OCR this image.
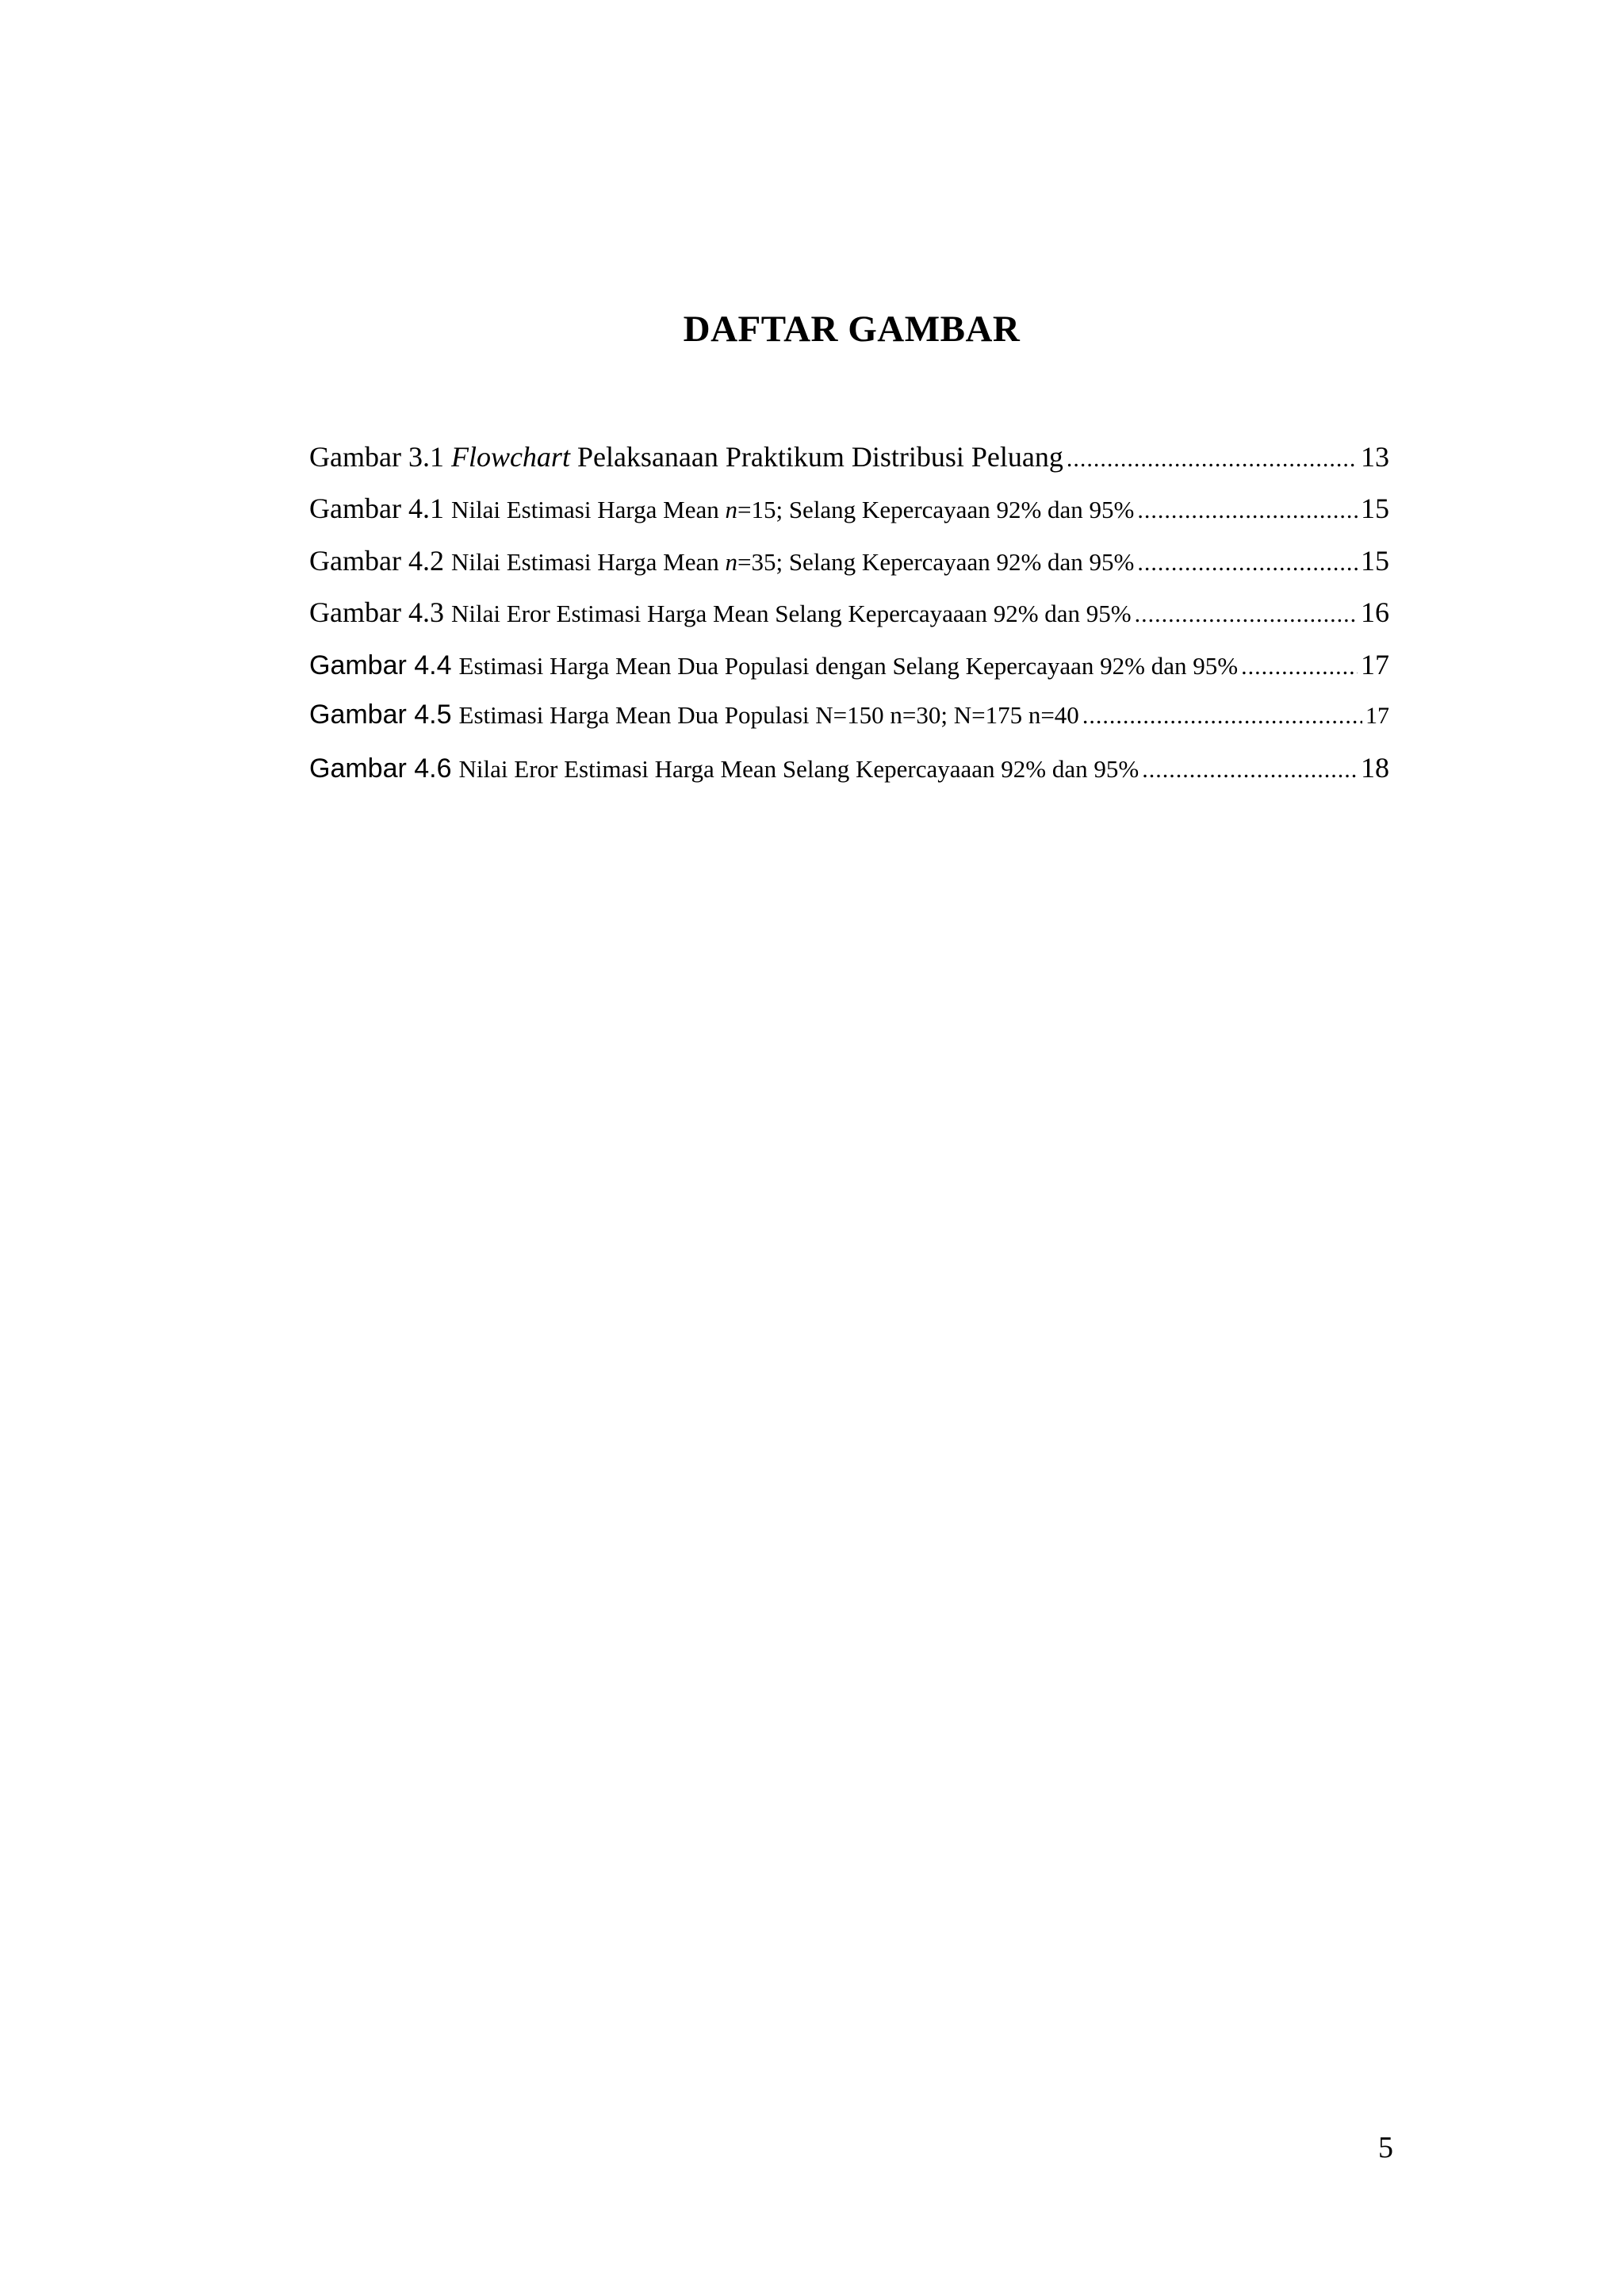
DAFTAR GAMBAR
Gambar 3.1 Flowchart Pelaksanaan Praktikum Distribusi Peluang .....	13
Gambar 4.1 Nilai Estimasi Harga Mean n=15; Selang Kepercayaan 92% dan 95% .....	15
Gambar 4.2 Nilai Estimasi Harga Mean n=35; Selang Kepercayaan 92% dan 95% .....	15
Gambar 4.3 Nilai Eror Estimasi Harga Mean Selang Kepercayaaan 92% dan 95% .....	16
Gambar 4.4 Estimasi Harga Mean Dua Populasi dengan Selang Kepercayaan 92% dan 95% .....	17
Gambar 4.5 Estimasi Harga Mean Dua Populasi N=150 n=30; N=175 n=40 .....	17
Gambar 4.6 Nilai Eror Estimasi Harga Mean Selang Kepercayaaan 92% dan 95% .....	18
5
